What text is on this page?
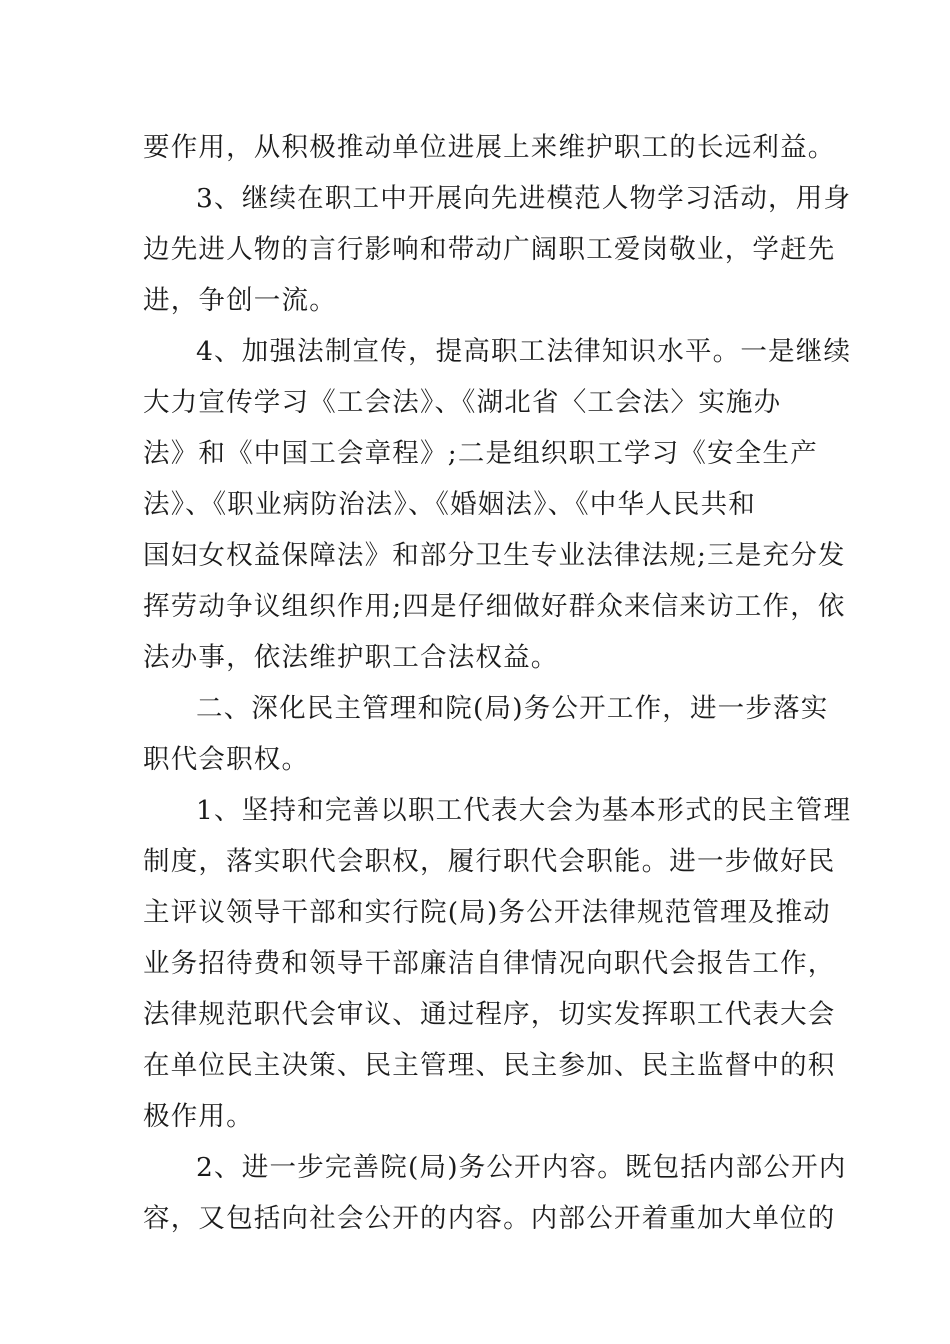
要作用，从积极推动单位进展上来维护职工的长远利益。
3、继续在职工中开展向先进模范人物学习活动，用身
边先进人物的言行影响和带动广阔职工爱岗敬业，学赶先
进，争创一流。
4、加强法制宣传，提高职工法律知识水平。一是继续
大力宣传学习《工会法》、《湖北省〈工会法〉实施办
法》和《中国工会章程》;二是组织职工学习《安全生产
法》、《职业病防治法》、《婚姻法》、《中华人民共和
国妇女权益保障法》和部分卫生专业法律法规;三是充分发
挥劳动争议组织作用;四是仔细做好群众来信来访工作，依
法办事，依法维护职工合法权益。
二、深化民主管理和院(局)务公开工作，进一步落实
职代会职权。
1、坚持和完善以职工代表大会为基本形式的民主管理
制度，落实职代会职权，履行职代会职能。进一步做好民
主评议领导干部和实行院(局)务公开法律规范管理及推动
业务招待费和领导干部廉洁自律情况向职代会报告工作，
法律规范职代会审议、通过程序，切实发挥职工代表大会
在单位民主决策、民主管理、民主参加、民主监督中的积
极作用。
2、进一步完善院(局)务公开内容。既包括内部公开内
容，又包括向社会公开的内容。内部公开着重加大单位的
